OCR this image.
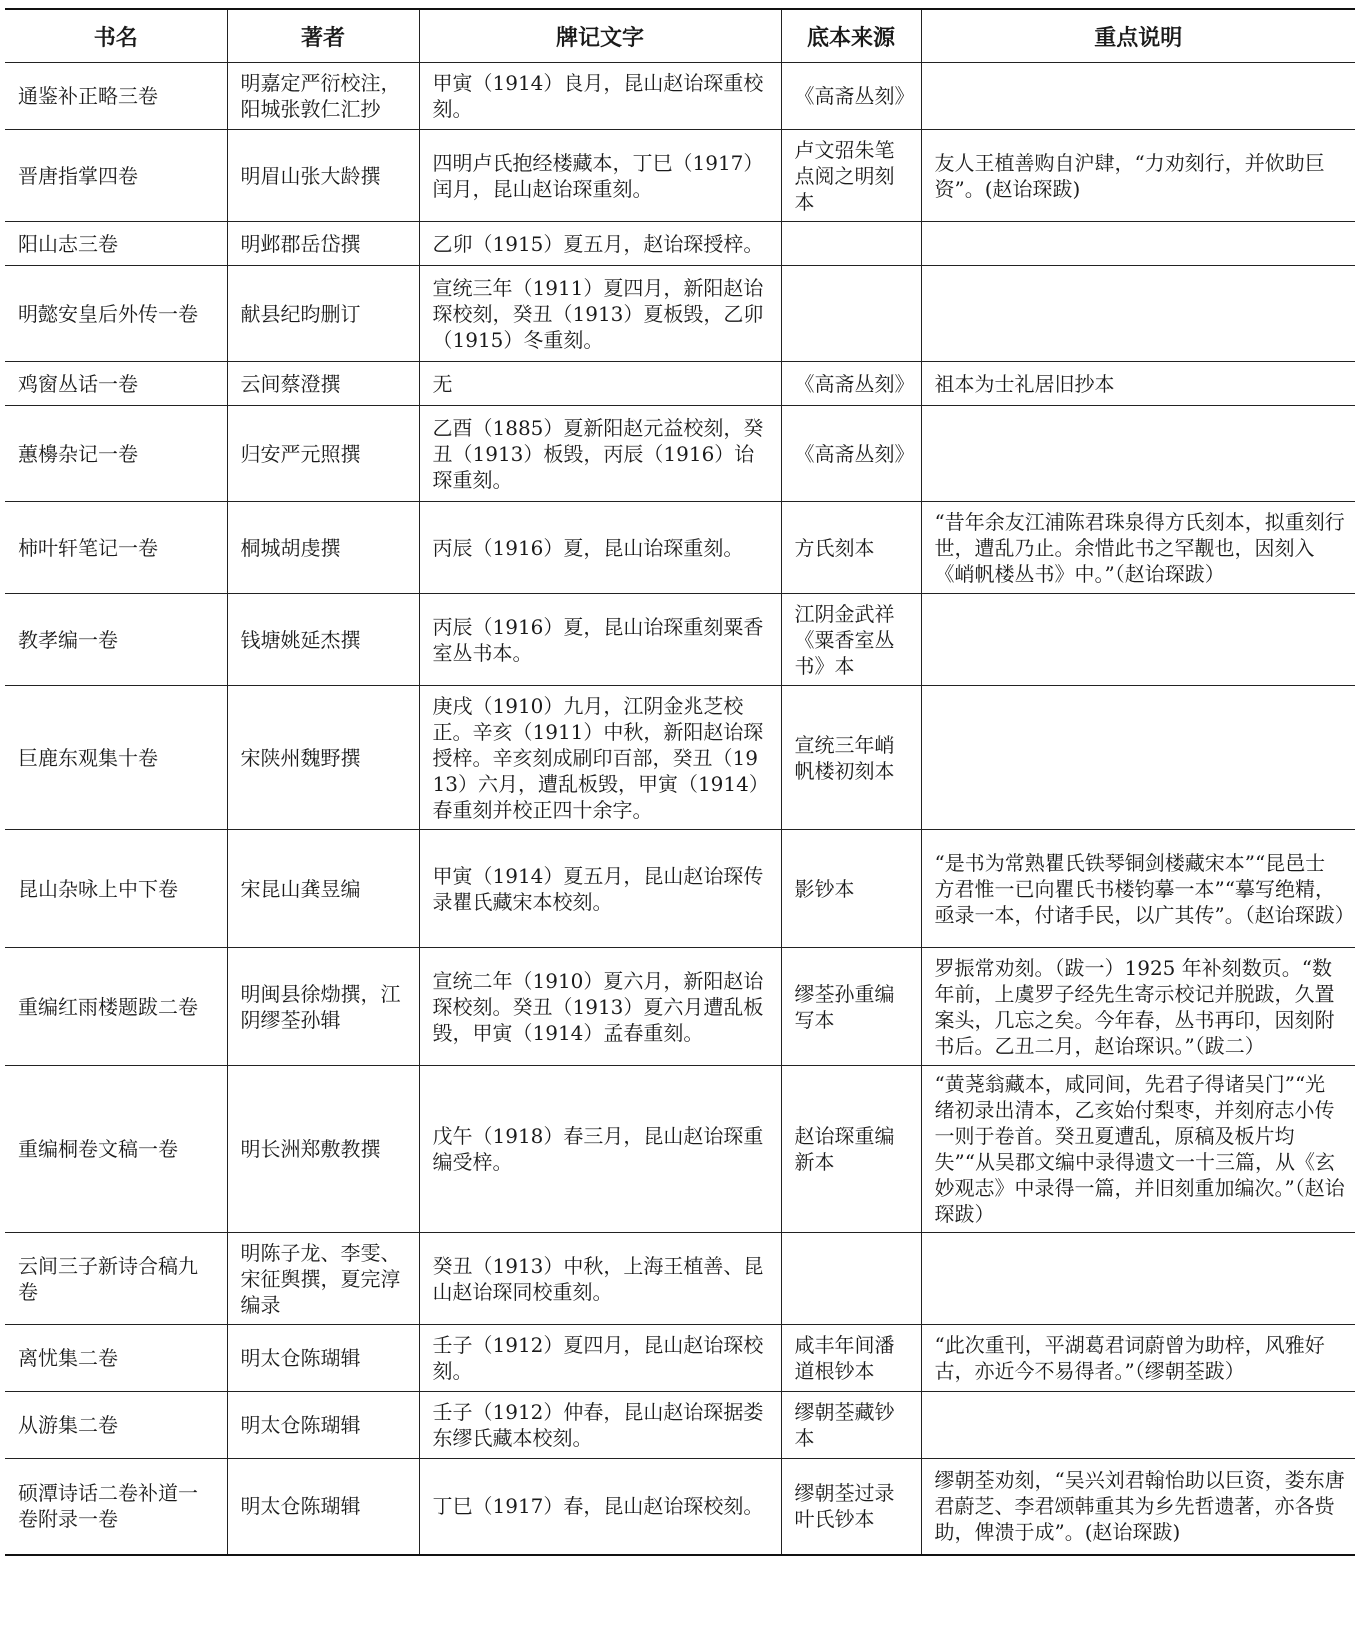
书名	著者	牌记文字	底本来源	重点说明
通鉴补正略三卷	明嘉定严衍校注，阳城张敦仁汇抄	甲寅（1914）良月，昆山赵诒琛重校刻。	《高斋丛刻》	
晋唐指掌四卷	明眉山张大龄撰	四明卢氏抱经楼藏本，丁巳（1917）闰月，昆山赵诒琛重刻。	卢文弨朱笔点阅之明刻本	友人王植善购自沪肆，“力劝刻行，并佽助巨资”。(赵诒琛跋)
阳山志三卷	明邺郡岳岱撰	乙卯（1915）夏五月，赵诒琛授梓。		
明懿安皇后外传一卷	献县纪昀删订	宣统三年（1911）夏四月，新阳赵诒琛校刻，癸丑（1913）夏板毁，乙卯（1915）冬重刻。		
鸡窗丛话一卷	云间蔡澄撰	无	《高斋丛刻》	祖本为士礼居旧抄本
蕙櫋杂记一卷	归安严元照撰	乙酉（1885）夏新阳赵元益校刻，癸丑（1913）板毁，丙辰（1916）诒琛重刻。	《高斋丛刻》	
柿叶轩笔记一卷	桐城胡虔撰	丙辰（1916）夏，昆山诒琛重刻。	方氏刻本	“昔年余友江浦陈君珠泉得方氏刻本，拟重刻行世，遭乱乃止。余惜此书之罕觏也，因刻入《峭帆楼丛书》中。”（赵诒琛跋）
教孝编一卷	钱塘姚延杰撰	丙辰（1916）夏，昆山诒琛重刻粟香室丛书本。	江阴金武祥《粟香室丛书》本	
巨鹿东观集十卷	宋陕州魏野撰	庚戌（1910）九月，江阴金兆芝校正。辛亥（1911）中秋，新阳赵诒琛授梓。辛亥刻成刷印百部，癸丑（1913）六月，遭乱板毁，甲寅（1914）春重刻并校正四十余字。	宣统三年峭帆楼初刻本	
昆山杂咏上中下卷	宋昆山龚昱编	甲寅（1914）夏五月，昆山赵诒琛传录瞿氏藏宋本校刻。	影钞本	“是书为常熟瞿氏铁琴铜剑楼藏宋本”“昆邑士方君惟一已向瞿氏书楼钧摹一本”“摹写绝精，亟录一本，付诸手民，以广其传”。（赵诒琛跋）
重编红雨楼题跋二卷	明闽县徐𤊹撰，江阴缪荃孙辑	宣统二年（1910）夏六月，新阳赵诒琛校刻。癸丑（1913）夏六月遭乱板毁，甲寅（1914）孟春重刻。	缪荃孙重编写本	罗振常劝刻。（跋一）1925 年补刻数页。“数年前，上虞罗子经先生寄示校记并脱跋，久置案头，几忘之矣。今年春，丛书再印，因刻附书后。乙丑二月，赵诒琛识。”（跋二）
重编桐卷文稿一卷	明长洲郑敷教撰	戊午（1918）春三月，昆山赵诒琛重编受梓。	赵诒琛重编新本	“黄荛翁藏本，咸同间，先君子得诸吴门”“光绪初录出清本，乙亥始付梨枣，并刻府志小传一则于卷首。癸丑夏遭乱，原稿及板片均失”“从吴郡文编中录得遗文一十三篇，从《玄妙观志》中录得一篇，并旧刻重加编次。”（赵诒琛跋）
云间三子新诗合稿九卷	明陈子龙、李雯、宋征舆撰，夏完淳编录	癸丑（1913）中秋，上海王植善、昆山赵诒琛同校重刻。		
离忧集二卷	明太仓陈瑚辑	壬子（1912）夏四月，昆山赵诒琛校刻。	咸丰年间潘道根钞本	“此次重刊，平湖葛君词蔚曾为助梓，风雅好古，亦近今不易得者。”（缪朝荃跋）
从游集二卷	明太仓陈瑚辑	壬子（1912）仲春，昆山赵诒琛据娄东缪氏藏本校刻。	缪朝荃藏钞本	
硕潭诗话二卷补道一卷附录一卷	明太仓陈瑚辑	丁巳（1917）春，昆山赵诒琛校刻。	缪朝荃过录叶氏钞本	缪朝荃劝刻，“吴兴刘君翰怡助以巨资，娄东唐君蔚芝、李君颂韩重其为乡先哲遗著，亦各赀助，俾溃于成”。(赵诒琛跋)
